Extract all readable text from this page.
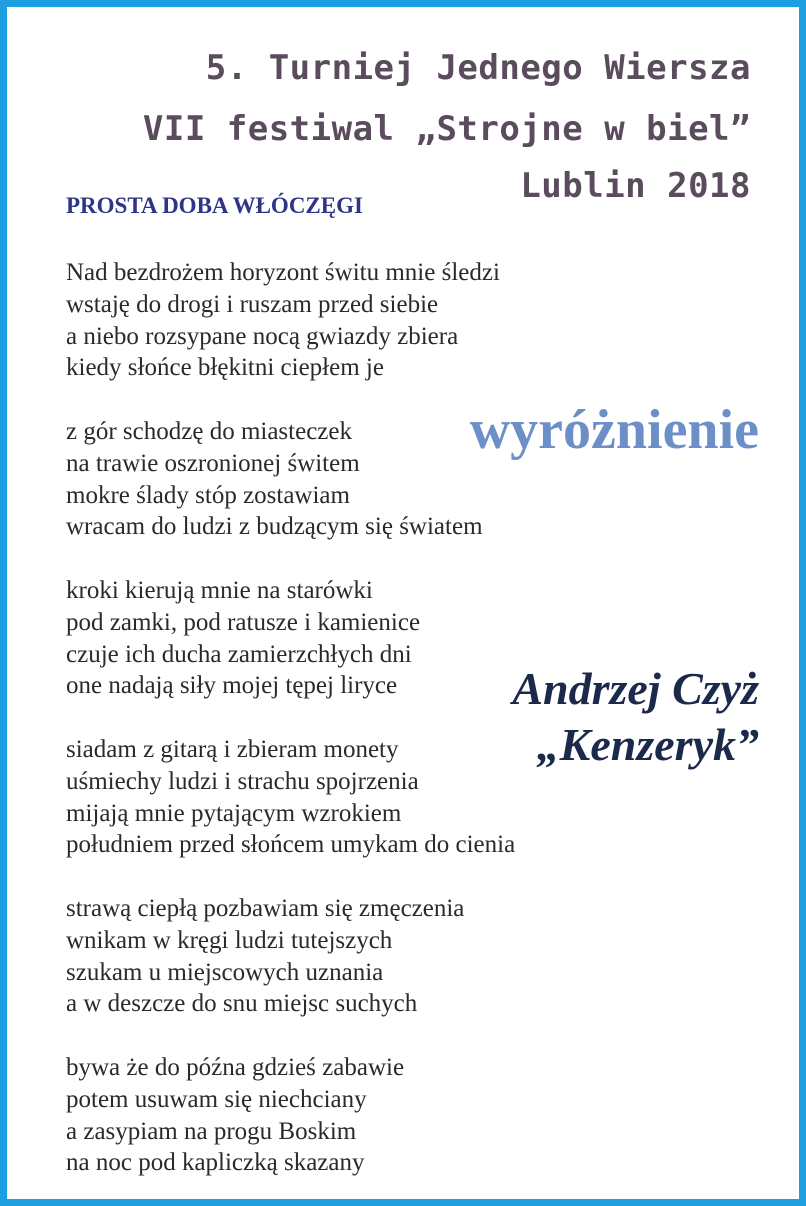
5. Turniej Jednego Wiersza
VII festiwal „Strojne w biel”
Lublin 2018
PROSTA DOBA WŁÓCZĘGI
Nad bezdrożem horyzont świtu mnie śledzi
wstaję do drogi i ruszam przed siebie
a niebo rozsypane nocą gwiazdy zbiera
kiedy słońce błękitni ciepłem je
z gór schodzę do miasteczek
na trawie oszronionej świtem
mokre ślady stóp zostawiam
wracam do ludzi z budzącym się światem
kroki kierują mnie na starówki
pod zamki, pod ratusze i kamienice
czuje ich ducha zamierzchłych dni
one nadają siły mojej tępej liryce
siadam z gitarą i zbieram monety
uśmiechy ludzi i strachu spojrzenia
mijają mnie pytającym wzrokiem
południem przed słońcem umykam do cienia
strawą ciepłą pozbawiam się zmęczenia
wnikam w kręgi ludzi tutejszych
szukam u miejscowych uznania
a w deszcze do snu miejsc suchych
bywa że do późna gdzieś zabawie
potem usuwam się niechciany
a zasypiam na progu Boskim
na noc pod kapliczką skazany
wyróżnienie
Andrzej Czyż
„Kenzeryk”
